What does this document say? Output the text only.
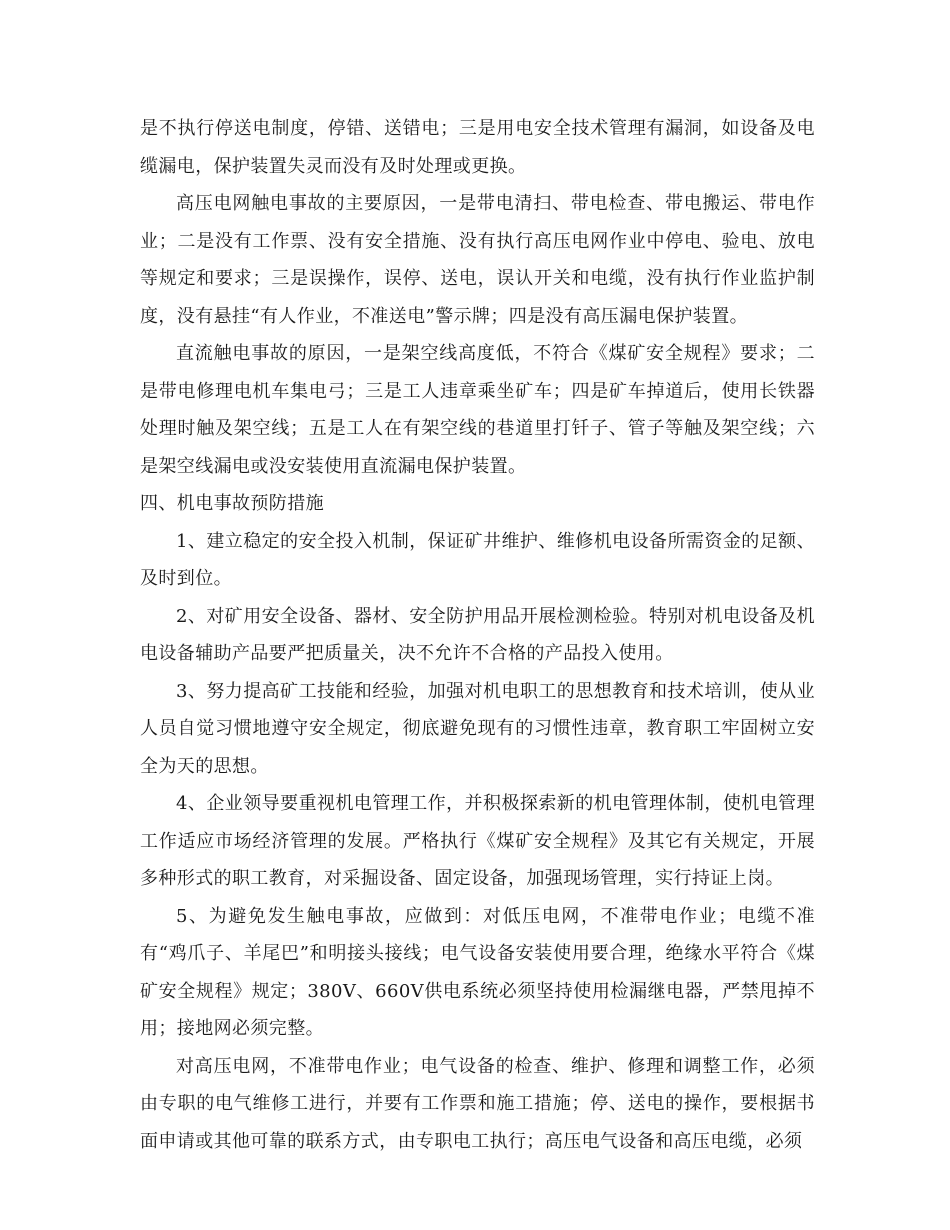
是不执行停送电制度，停错、送错电；三是用电安全技术管理有漏洞，如设备及电缆漏电，保护装置失灵而没有及时处理或更换。

高压电网触电事故的主要原因，一是带电清扫、带电检查、带电搬运、带电作业；二是没有工作票、没有安全措施、没有执行高压电网作业中停电、验电、放电等规定和要求；三是误操作，误停、送电，误认开关和电缆，没有执行作业监护制度，没有悬挂“有人作业，不准送电”警示牌；四是没有高压漏电保护装置。

直流触电事故的原因，一是架空线高度低，不符合《煤矿安全规程》要求；二是带电修理电机车集电弓；三是工人违章乘坐矿车；四是矿车掉道后，使用长铁器处理时触及架空线；五是工人在有架空线的巷道里打钎子、管子等触及架空线；六是架空线漏电或没安装使用直流漏电保护装置。

四、机电事故预防措施

1、建立稳定的安全投入机制，保证矿井维护、维修机电设备所需资金的足额、及时到位。

2、对矿用安全设备、器材、安全防护用品开展检测检验。特别对机电设备及机电设备辅助产品要严把质量关，决不允许不合格的产品投入使用。

3、努力提高矿工技能和经验，加强对机电职工的思想教育和技术培训，使从业人员自觉习惯地遵守安全规定，彻底避免现有的习惯性违章，教育职工牢固树立安全为天的思想。

4、企业领导要重视机电管理工作，并积极探索新的机电管理体制，使机电管理工作适应市场经济管理的发展。严格执行《煤矿安全规程》及其它有关规定，开展多种形式的职工教育，对采掘设备、固定设备，加强现场管理，实行持证上岗。

5、为避免发生触电事故，应做到：对低压电网，不准带电作业；电缆不准有“鸡爪子、羊尾巴”和明接头接线；电气设备安装使用要合理，绝缘水平符合《煤矿安全规程》规定；380V、660V供电系统必须坚持使用检漏继电器，严禁甩掉不用；接地网必须完整。

对高压电网，不准带电作业；电气设备的检查、维护、修理和调整工作，必须由专职的电气维修工进行，并要有工作票和施工措施；停、送电的操作，要根据书面申请或其他可靠的联系方式，由专职电工执行；高压电气设备和高压电缆，必须
